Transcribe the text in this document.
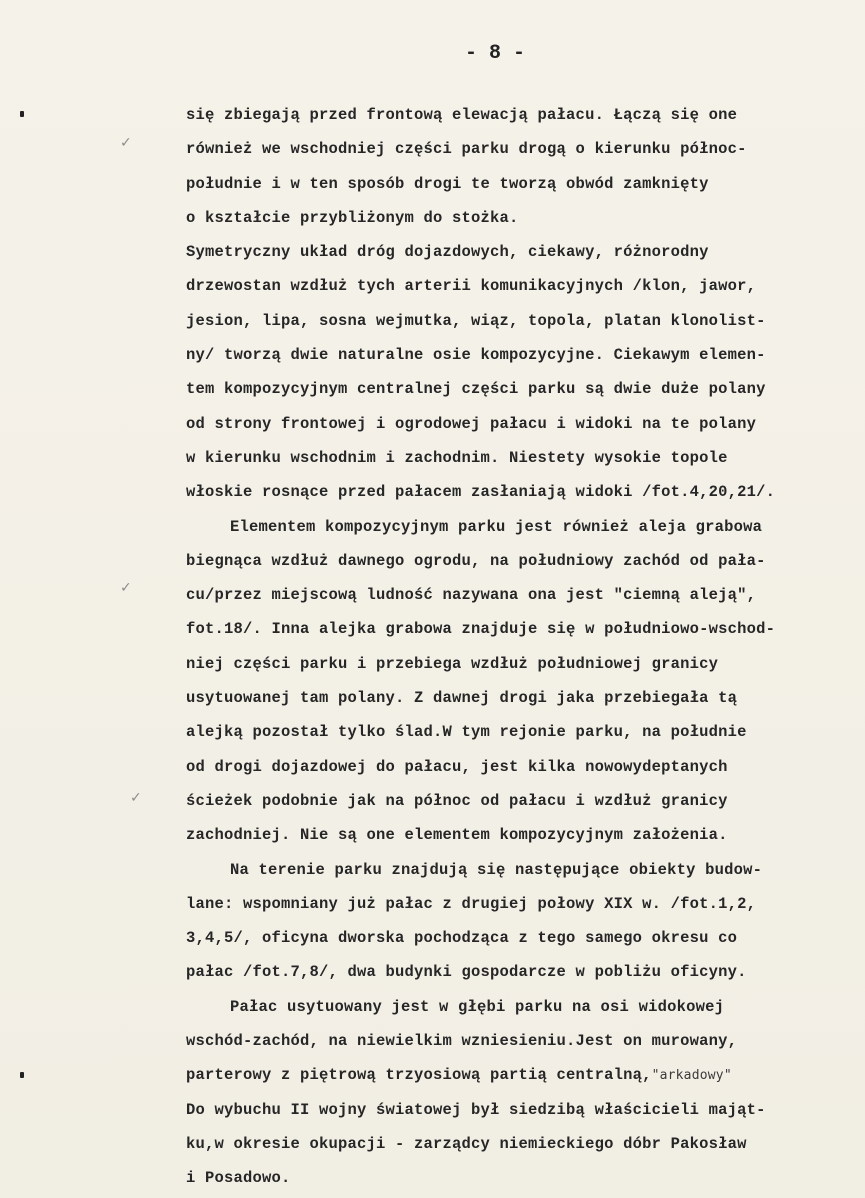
- 8 -
✓
✓
✓
się zbiegają przed frontową elewacją pałacu. Łączą się one
również we wschodniej części parku drogą o kierunku północ-
południe i w ten sposób drogi te tworzą obwód zamknięty
o kształcie przybliżonym do stożka.
Symetryczny układ dróg dojazdowych, ciekawy, różnorodny
drzewostan wzdłuż tych arterii komunikacyjnych /klon, jawor,
jesion, lipa, sosna wejmutka, wiąz, topola, platan klonolist-
ny/ tworzą dwie naturalne osie kompozycyjne. Ciekawym elemen-
tem kompozycyjnym centralnej części parku są dwie duże polany
od strony frontowej i ogrodowej pałacu i widoki na te polany
w kierunku wschodnim i zachodnim. Niestety wysokie topole
włoskie rosnące przed pałacem zasłaniają widoki /fot.4,20,21/.
Elementem kompozycyjnym parku jest również aleja grabowa
biegnąca wzdłuż dawnego ogrodu, na południowy zachód od pała-
cu/przez miejscową ludność nazywana ona jest "ciemną aleją",
fot.18/. Inna alejka grabowa znajduje się w południowo-wschod-
niej części parku i przebiega wzdłuż południowej granicy
usytuowanej tam polany. Z dawnej drogi jaka przebiegała tą
alejką pozostał tylko ślad.W tym rejonie parku, na południe
od drogi dojazdowej do pałacu, jest kilka nowowydeptanych
ścieżek podobnie jak na północ od pałacu i wzdłuż granicy
zachodniej. Nie są one elementem kompozycyjnym założenia.
Na terenie parku znajdują się następujące obiekty budow-
lane: wspomniany już pałac z drugiej połowy XIX w. /fot.1,2,
3,4,5/, oficyna dworska pochodząca z tego samego okresu co
pałac /fot.7,8/, dwa budynki gospodarcze w pobliżu oficyny.
Pałac usytuowany jest w głębi parku na osi widokowej
wschód-zachód, na niewielkim wzniesieniu.Jest on murowany,
parterowy z piętrową trzyosiową partią centralną,"arkadowy"
Do wybuchu II wojny światowej był siedzibą właścicieli mająt-
ku,w okresie okupacji - zarządcy niemieckiego dóbr Pakosław
i Posadowo.
